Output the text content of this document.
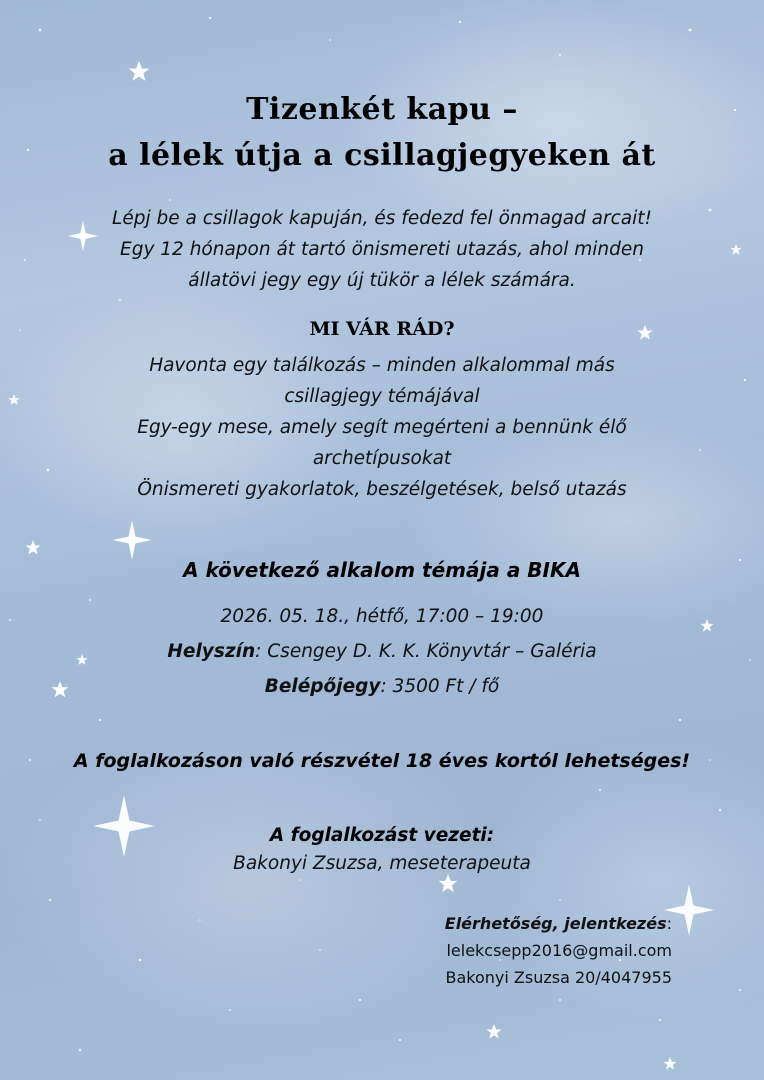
Tizenkét kapu –
a lélek útja a csillagjegyeken át
Lépj be a csillagok kapuján, és fedezd fel önmagad arcait!
Egy 12 hónapon át tartó önismereti utazás, ahol minden
állatövi jegy egy új tükör a lélek számára.
MI VÁR RÁD?
Havonta egy találkozás – minden alkalommal más
csillagjegy témájával
Egy-egy mese, amely segít megérteni a bennünk élő
archetípusokat
Önismereti gyakorlatok, beszélgetések, belső utazás
A következő alkalom témája a BIKA
2026. 05. 18., hétfő, 17:00 – 19:00
Helyszín: Csengey D. K. K. Könyvtár – Galéria
Belépőjegy: 3500 Ft / fő
A foglalkozáson való részvétel 18 éves kortól lehetséges!
A foglalkozást vezeti:
Bakonyi Zsuzsa, meseterapeuta
Elérhetőség, jelentkezés:
lelekcsepp2016@gmail.com
Bakonyi Zsuzsa 20/4047955
